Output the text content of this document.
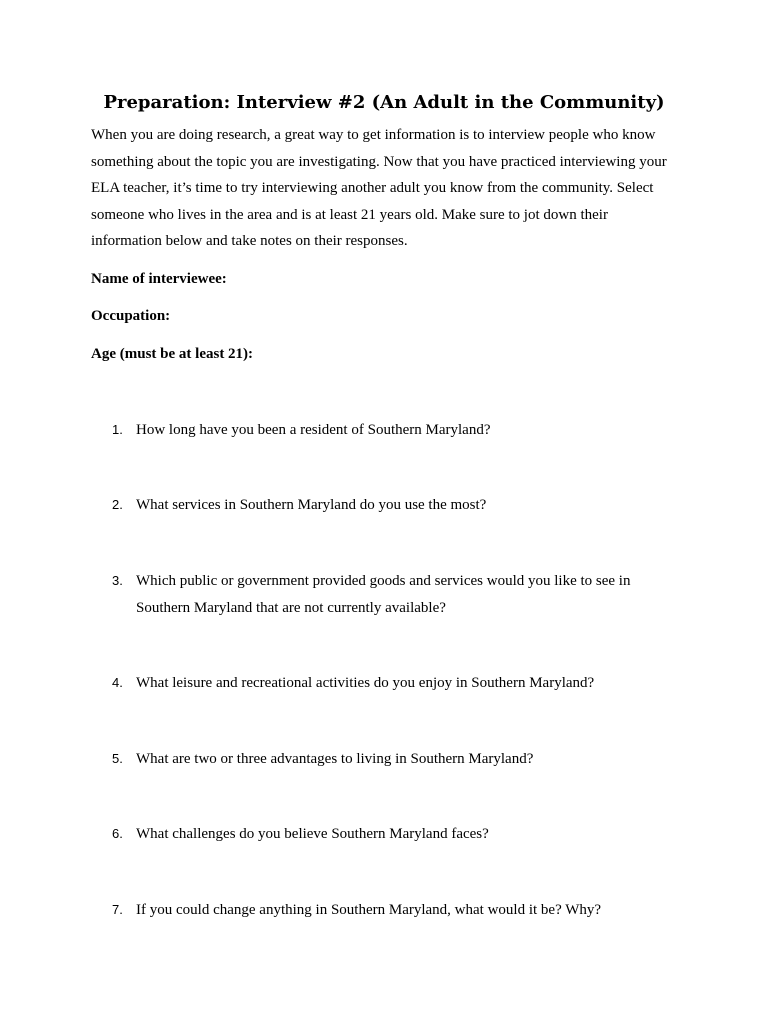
Preparation: Interview #2 (An Adult in the Community)

When you are doing research, a great way to get information is to interview people who know something about the topic you are investigating. Now that you have practiced interviewing your ELA teacher, it’s time to try interviewing another adult you know from the community. Select someone who lives in the area and is at least 21 years old. Make sure to jot down their information below and take notes on their responses.

Name of interviewee:

Occupation:

Age (must be at least 21):

1. How long have you been a resident of Southern Maryland?
2. What services in Southern Maryland do you use the most?
3. Which public or government provided goods and services would you like to see in Southern Maryland that are not currently available?
4. What leisure and recreational activities do you enjoy in Southern Maryland?
5. What are two or three advantages to living in Southern Maryland?
6. What challenges do you believe Southern Maryland faces?
7. If you could change anything in Southern Maryland, what would it be? Why?
